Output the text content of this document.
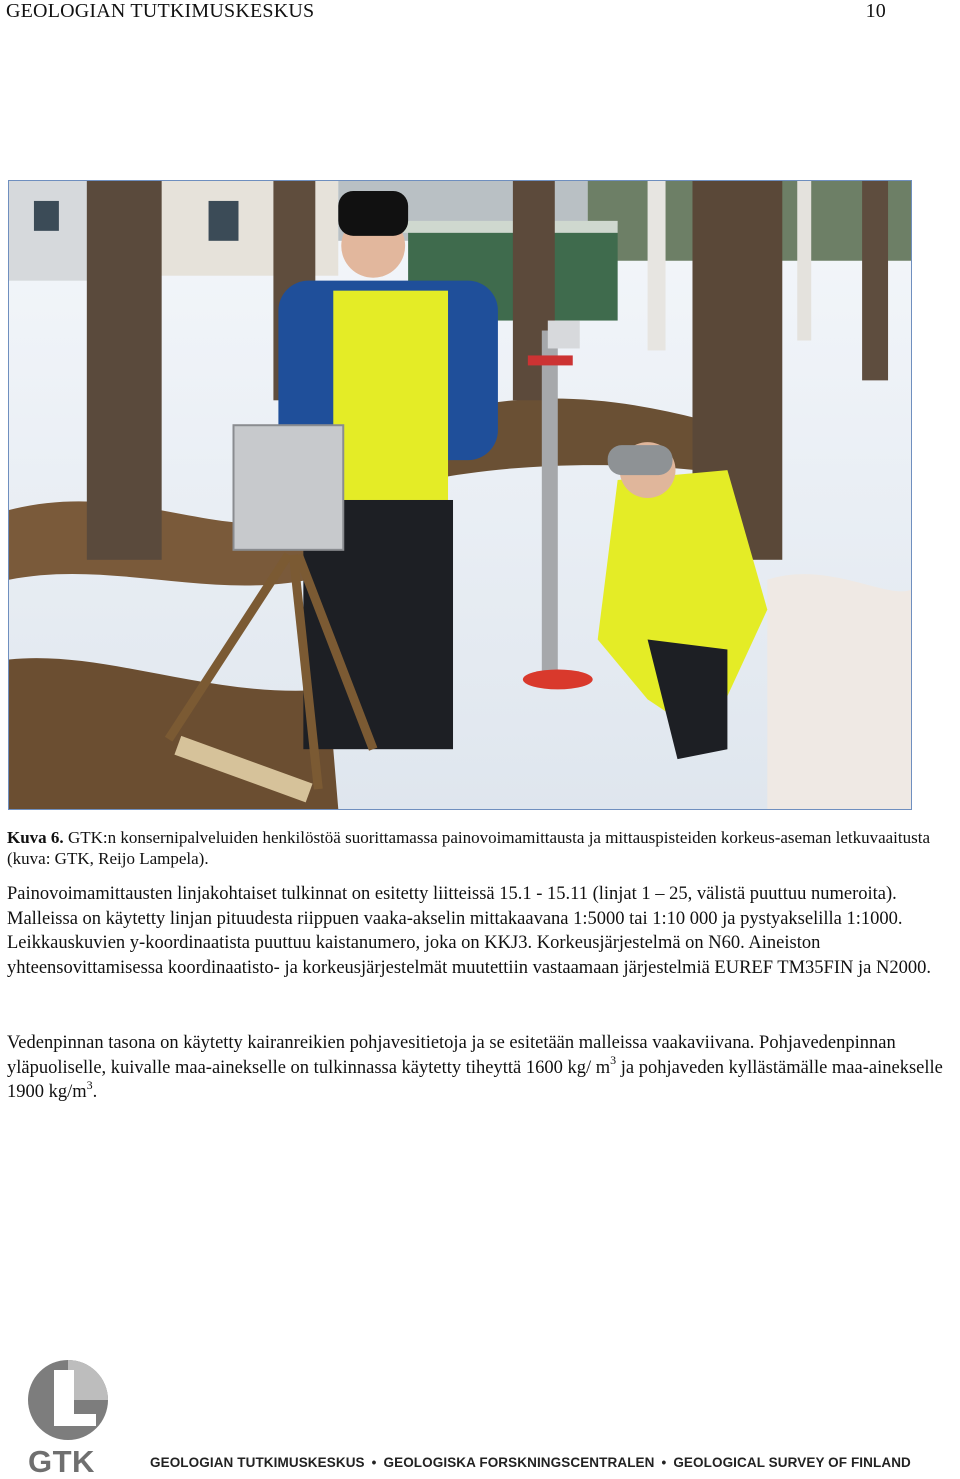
GEOLOGIAN TUTKIMUSKESKUS	10
Kuva 6. GTK:n konsernipalveluiden henkilöstöä suorittamassa painovoimamittausta ja mittauspisteiden korkeus-aseman letkuvaaitusta (kuva: GTK, Reijo Lampela).
Painovoimamittausten linjakohtaiset tulkinnat on esitetty liitteissä 15.1 - 15.11 (linjat 1 – 25, välistä puuttuu numeroita). Malleissa on käytetty linjan pituudesta riippuen vaaka-akselin mittakaavana 1:5000 tai 1:10 000 ja pystyakselilla 1:1000. Leikkauskuvien y-koordinaatista puuttuu kaistanumero, joka on KKJ3. Korkeusjärjestelmä on N60. Aineiston yhteensovittamisessa koordinaatisto- ja korkeusjärjestelmät muutettiin vastaamaan järjestelmiä EUREF TM35FIN ja N2000.
Vedenpinnan tasona on käytetty kairanreikien pohjavesitietoja ja se esitetään malleissa vaakaviivana. Pohjavedenpinnan yläpuoliselle, kuivalle maa-ainekselle on tulkinnassa käytetty tiheyttä 1600 kg/ $m^3$ ja pohjaveden kyllästämälle maa-ainekselle 1900 $kg/m^3$.
GTK	GEOLOGIAN TUTKIMUSKESKUS • GEOLOGISKA FORSKNINGSCENTRALEN • GEOLOGICAL SURVEY OF FINLAND
